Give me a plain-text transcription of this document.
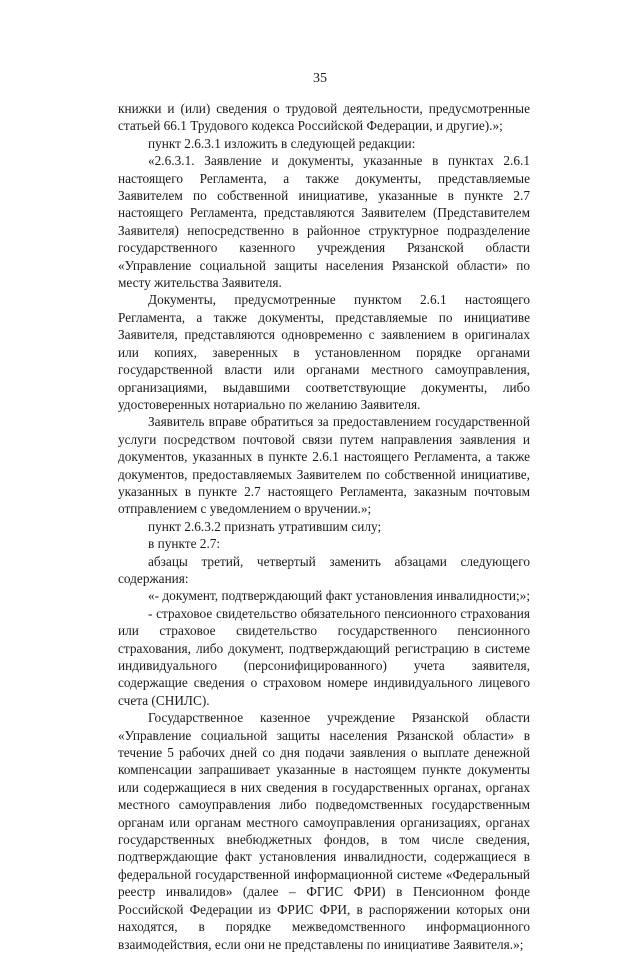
35

книжки и (или) сведения о трудовой деятельности, предусмотренные статьей 66.1 Трудового кодекса Российской Федерации, и другие).»;

пункт 2.6.3.1 изложить в следующей редакции:

«2.6.3.1. Заявление и документы, указанные в пунктах 2.6.1 настоящего Регламента, а также документы, представляемые Заявителем по собственной инициативе, указанные в пункте 2.7 настоящего Регламента, представляются Заявителем (Представителем Заявителя) непосредственно в районное структурное подразделение государственного казенного учреждения Рязанской области «Управление социальной защиты населения Рязанской области» по месту жительства Заявителя.

Документы, предусмотренные пунктом 2.6.1 настоящего Регламента, а также документы, представляемые по инициативе Заявителя, представляются одновременно с заявлением в оригиналах или копиях, заверенных в установленном порядке органами государственной власти или органами местного самоуправления, организациями, выдавшими соответствующие документы, либо удостоверенных нотариально по желанию Заявителя.

Заявитель вправе обратиться за предоставлением государственной услуги посредством почтовой связи путем направления заявления и документов, указанных в пункте 2.6.1 настоящего Регламента, а также документов, предоставляемых Заявителем по собственной инициативе, указанных в пункте 2.7 настоящего Регламента, заказным почтовым отправлением с уведомлением о вручении.»;

пункт 2.6.3.2 признать утратившим силу;

в пункте 2.7:

абзацы третий, четвертый заменить абзацами следующего содержания:

«- документ, подтверждающий факт установления инвалидности;»;

- страховое свидетельство обязательного пенсионного страхования или страховое свидетельство государственного пенсионного страхования, либо документ, подтверждающий регистрацию в системе индивидуального (персонифицированного) учета заявителя, содержащие сведения о страховом номере индивидуального лицевого счета (СНИЛС).

Государственное казенное учреждение Рязанской области «Управление социальной защиты населения Рязанской области» в течение 5 рабочих дней со дня подачи заявления о выплате денежной компенсации запрашивает указанные в настоящем пункте документы или содержащиеся в них сведения в государственных органах, органах местного самоуправления либо подведомственных государственным органам или органам местного самоуправления организациях, органах государственных внебюджетных фондов, в том числе сведения, подтверждающие факт установления инвалидности, содержащиеся в федеральной государственной информационной системе «Федеральный реестр инвалидов» (далее – ФГИС ФРИ) в Пенсионном фонде Российской Федерации из ФРИС ФРИ, в распоряжении которых они находятся, в порядке межведомственного информационного взаимодействия, если они не представлены по инициативе Заявителя.»;
